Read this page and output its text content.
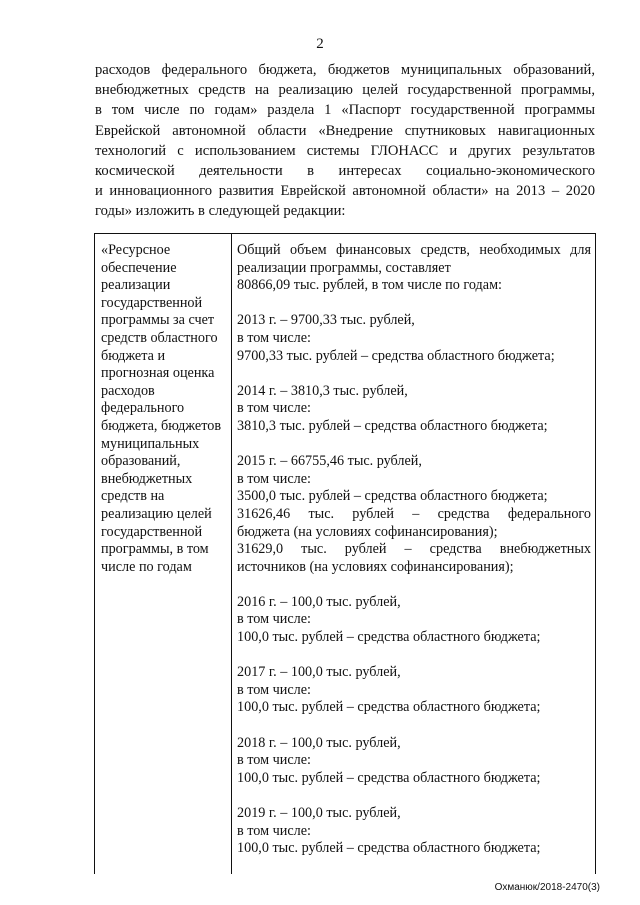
2
расходов федерального бюджета, бюджетов муниципальных образований,
внебюджетных средств на реализацию целей государственной программы,
в том числе по годам» раздела 1 «Паспорт государственной программы
Еврейской автономной области «Внедрение спутниковых навигационных
технологий с использованием системы ГЛОНАСС и других результатов
космической деятельности в интересах социально-экономического
и инновационного развития Еврейской автономной области» на 2013 – 2020
годы» изложить в следующей редакции:
«Ресурсное
обеспечение
реализации
государственной
программы за счет
средств областного
бюджета и
прогнозная оценка
расходов
федерального
бюджета, бюджетов
муниципальных
образований,
внебюджетных
средств на
реализацию целей
государственной
программы, в том
числе по годам
Общий объем финансовых средств, необходимых для
реализации программы, составляет
80866,09 тыс. рублей, в том числе по годам:
2013 г. – 9700,33 тыс. рублей,
в том числе:
9700,33 тыс. рублей – средства областного бюджета;
2014 г. – 3810,3 тыс. рублей,
в том числе:
3810,3 тыс. рублей – средства областного бюджета;
2015 г. – 66755,46 тыс. рублей,
в том числе:
3500,0 тыс. рублей – средства областного бюджета;
31626,46 тыс. рублей – средства федерального
бюджета (на условиях софинансирования);
31629,0 тыс. рублей – средства внебюджетных
источников (на условиях софинансирования);
2016 г. – 100,0 тыс. рублей,
в том числе:
100,0 тыс. рублей – средства областного бюджета;
2017 г. – 100,0 тыс. рублей,
в том числе:
100,0 тыс. рублей – средства областного бюджета;
2018 г. – 100,0 тыс. рублей,
в том числе:
100,0 тыс. рублей – средства областного бюджета;
2019 г. – 100,0 тыс. рублей,
в том числе:
100,0 тыс. рублей – средства областного бюджета;
Охманюк/2018-2470(3)
